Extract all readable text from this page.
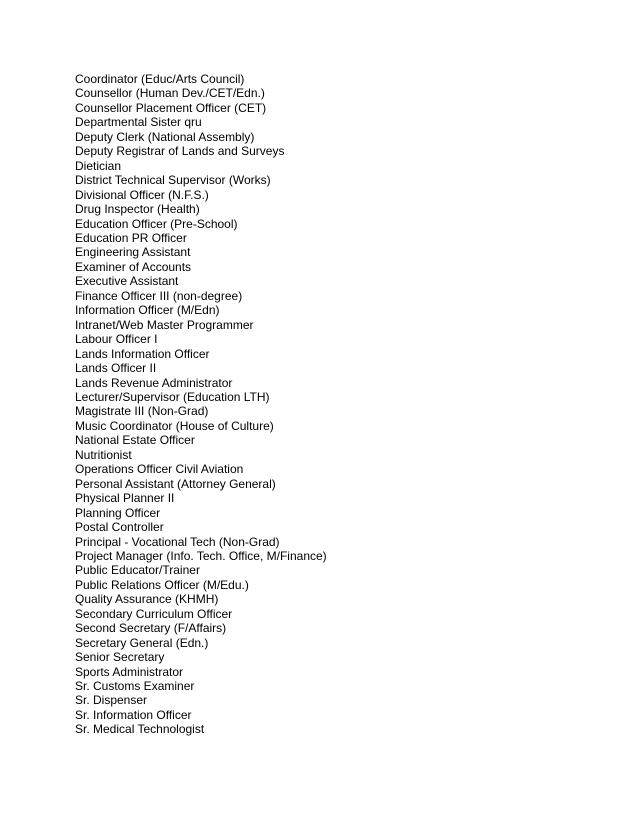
Coordinator (Educ/Arts Council)
Counsellor (Human Dev./CET/Edn.)
Counsellor Placement Officer (CET)
Departmental Sister qru
Deputy Clerk (National Assembly)
Deputy Registrar of Lands and Surveys
Dietician
District Technical Supervisor (Works)
Divisional Officer (N.F.S.)
Drug Inspector (Health)
Education Officer (Pre-School)
Education PR Officer
Engineering Assistant
Examiner of Accounts
Executive Assistant
Finance Officer III (non-degree)
Information Officer (M/Edn)
Intranet/Web Master Programmer
Labour Officer I
Lands Information Officer
Lands Officer II
Lands Revenue Administrator
Lecturer/Supervisor (Education LTH)
Magistrate III (Non-Grad)
Music Coordinator (House of Culture)
National Estate Officer
Nutritionist
Operations Officer Civil Aviation
Personal Assistant (Attorney General)
Physical Planner II
Planning Officer
Postal Controller
Principal - Vocational Tech (Non-Grad)
Project Manager (Info. Tech. Office, M/Finance)
Public Educator/Trainer
Public Relations Officer (M/Edu.)
Quality Assurance (KHMH)
Secondary Curriculum Officer
Second Secretary (F/Affairs)
Secretary General (Edn.)
Senior Secretary
Sports Administrator
Sr. Customs Examiner
Sr. Dispenser
Sr. Information Officer
Sr. Medical Technologist
